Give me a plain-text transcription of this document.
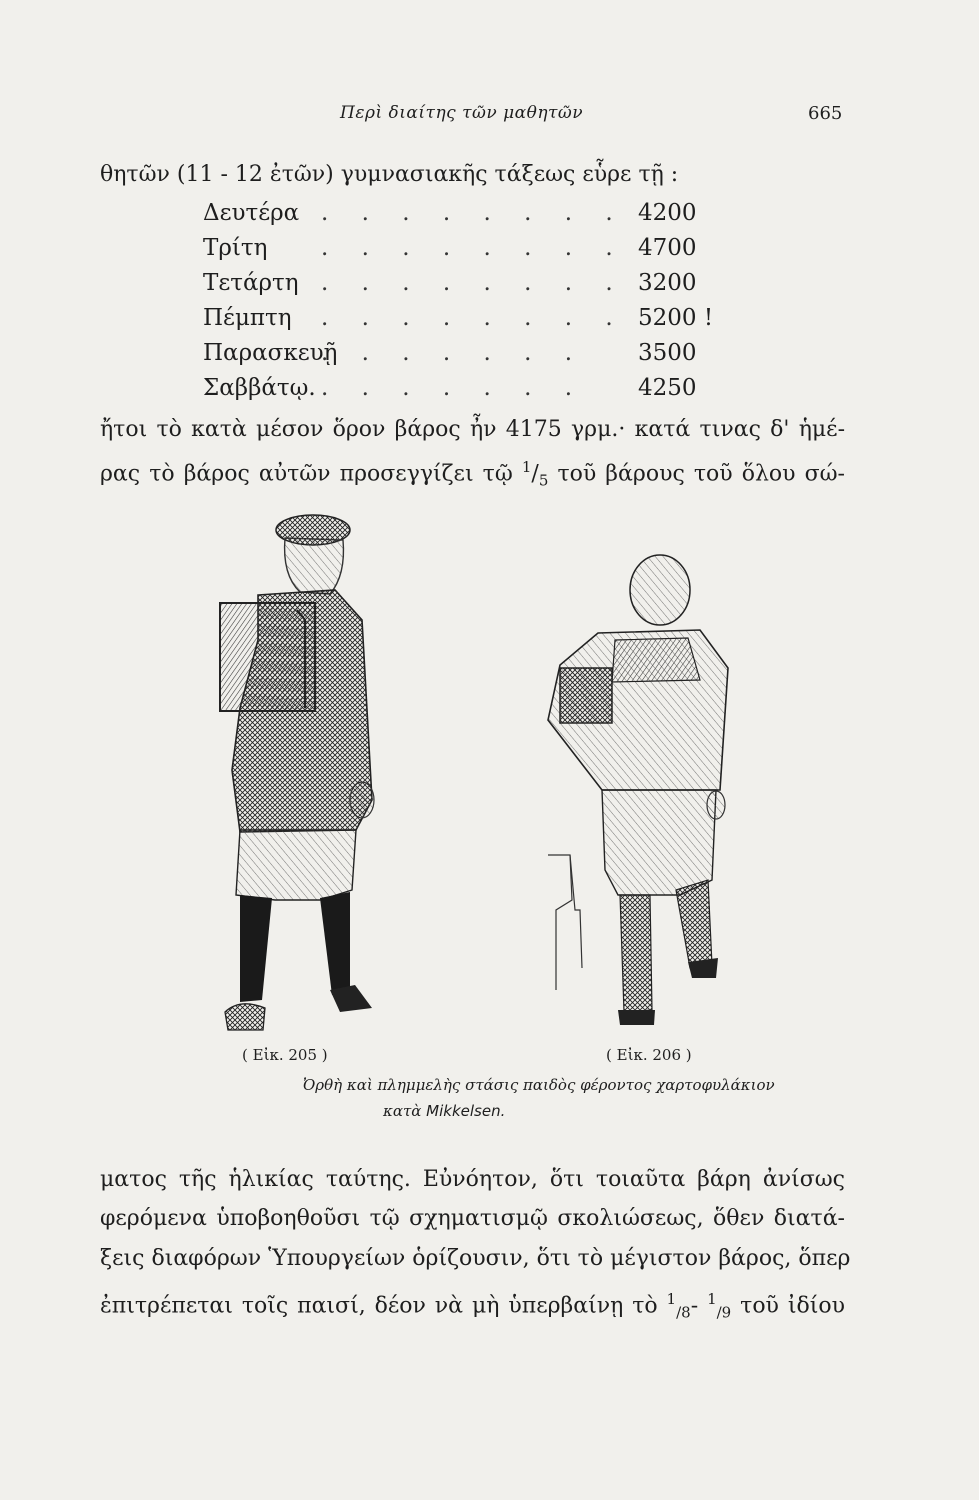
Περὶ διαίτης τῶν μαθητῶν	665
θητῶν (11 - 12 ἐτῶν) γυμνασιακῆς τάξεως εὗρε τῇ :
Δευτέρα . . . . . . . . 4200
Τρίτη . . . . . . . . 4700
Τετάρτη . . . . . . . . 3200
Πέμπτη . . . . . . . . 5200 !
Παρασκευῇ
. . . . . . . 3500
Σαββάτῳ. . . . . . . . 4250
ἤτοι τὸ κατὰ μέσον ὅρον βάρος ἦν 4175 γρμ.· κατά τινας δ' ἡμέ-
ρας τὸ βάρος αὐτῶν προσεγγίζει τῷ $^1/_5$ τοῦ βάρους τοῦ ὅλου σώ-
( Εἰκ. 205 )	( Εἰκ. 206 )
Ὀρθὴ καὶ πλημμελὴς στάσις παιδὸς φέροντος χαρτοφυλάκιον
κατὰ Mikkelsen.
ματος τῆς ἡλικίας ταύτης. Εὐνόητον, ὅτι τοιαῦτα βάρη ἀνίσως
φερόμενα ὑποβοηθοῦσι τῷ σχηματισμῷ σκολιώσεως, ὅθεν διατά-
ξεις διαφόρων Ὑπουργείων ὁρίζουσιν, ὅτι τὸ μέγιστον βάρος, ὅπερ
ἐπιτρέπεται τοῖς παισί, δέον νὰ μὴ ὑπερβαίνῃ τὸ $^1_{/8}$- $^1_{/9}$ τοῦ ἰδίου
